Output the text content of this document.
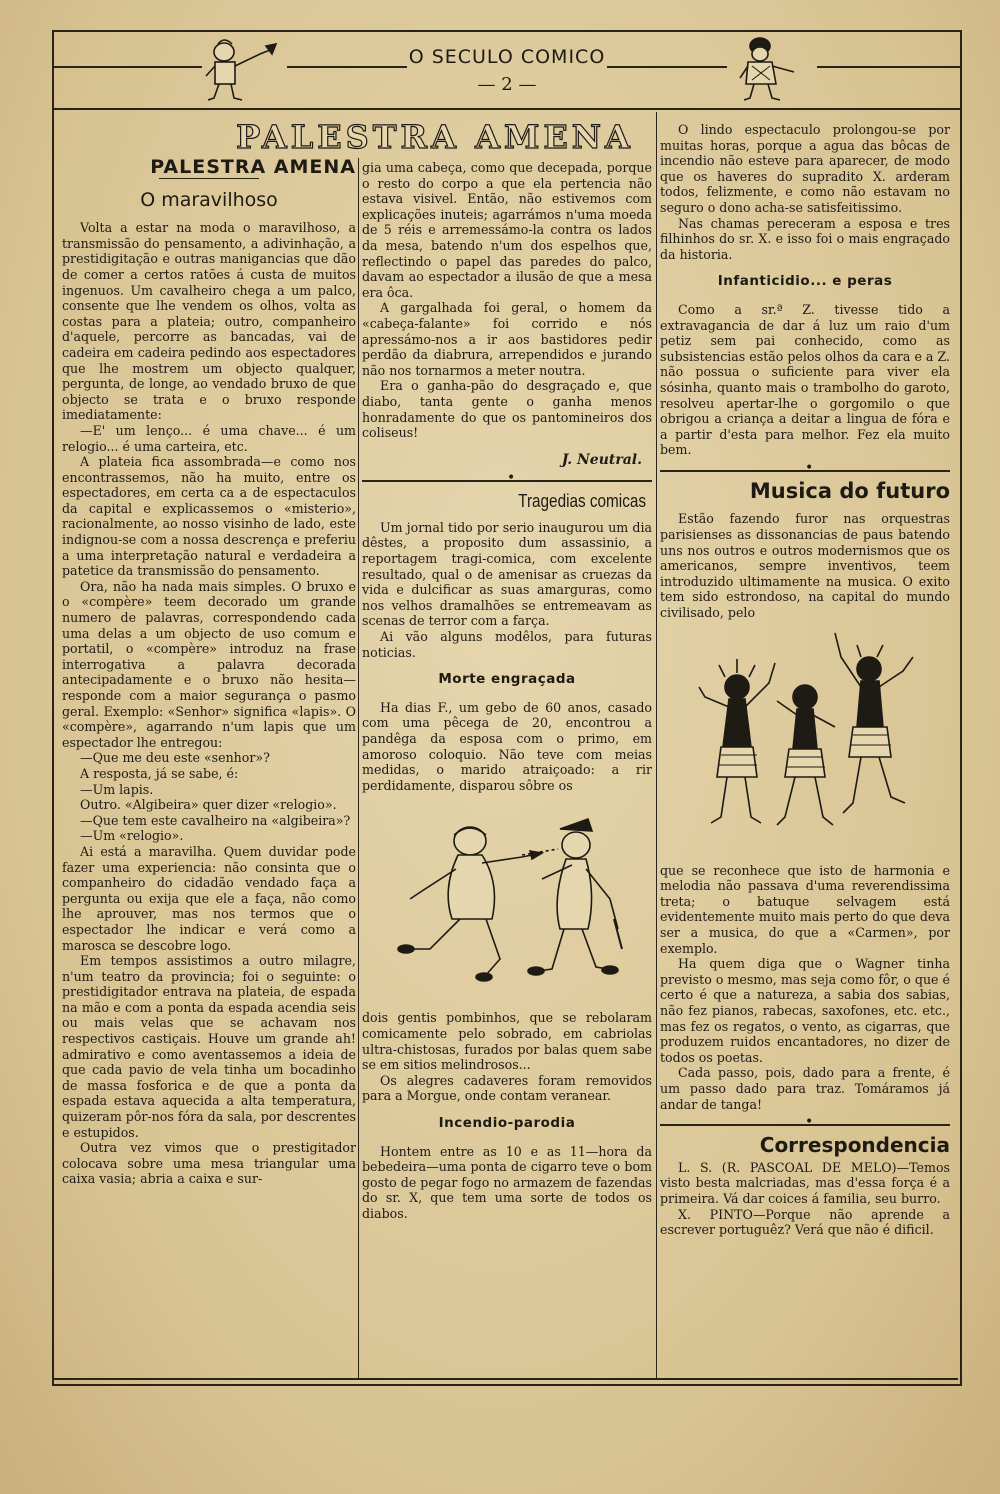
O SECULO COMICO
— 2 —
PALESTRA AMENA
PALESTRA AMENA
O maravilhoso

Volta a estar na moda o maravilhoso, a transmissão do pensamento, a adivinhação, a prestidigitação e outras manigancias que dão de comer a certos ratões á custa de muitos ingenuos. Um cavalheiro chega a um palco, consente que lhe vendem os olhos, volta as costas para a plateia; outro, companheiro d'aquele, percorre as bancadas, vai de cadeira em cadeira pedindo aos espectadores que lhe mostrem um objecto qualquer, pergunta, de longe, ao vendado bruxo de que objecto se trata e o bruxo responde imediatamente:

—E' um lenço... é uma chave... é um relogio... é uma carteira, etc.

A plateia fica assombrada—e como nos encontrassemos, não ha muito, entre os espectadores, em certa ca a de espectaculos da capital e explicassemos o «misterio», racionalmente, ao nosso visinho de lado, este indignou-se com a nossa descrença e preferiu a uma interpretação natural e verdadeira a patetice da transmissão do pensamento.

Ora, não ha nada mais simples. O bruxo e o «compère» teem decorado um grande numero de palavras, correspondendo cada uma delas a um objecto de uso comum e portatil, o «compère» introduz na frase interrogativa a palavra decorada antecipadamente e o bruxo não hesita—responde com a maior segurança o pasmo geral. Exemplo: «Senhor» significa «lapis». O «compère», agarrando n'um lapis que um espectador lhe entregou:

—Que me deu este «senhor»?

A resposta, já se sabe, é:

—Um lapis.

Outro. «Algibeira» quer dizer «relogio».

—Que tem este cavalheiro na «algibeira»?

—Um «relogio».

Ai está a maravilha. Quem duvidar pode fazer uma experiencia: não consinta que o companheiro do cidadão vendado faça a pergunta ou exija que ele a faça, não como lhe aprouver, mas nos termos que o espectador lhe indicar e verá como a marosca se descobre logo.

Em tempos assistimos a outro milagre, n'um teatro da provincia; foi o seguinte: o prestidigitador entrava na plateia, de espada na mão e com a ponta da espada acendia seis ou mais velas que se achavam nos respectivos castiçais. Houve um grande ah! admirativo e como aventassemos a ideia de que cada pavio de vela tinha um bocadinho de massa fosforica e de que a ponta da espada estava aquecida a alta temperatura, quizeram pôr-nos fóra da sala, por descrentes e estupidos.

Outra vez vimos que o prestigitador colocava sobre uma mesa triangular uma caixa vasia; abria a caixa e sur-

gia uma cabeça, como que decepada, porque o resto do corpo a que ela pertencia não estava visivel. Então, não estivemos com explicações inuteis; agarrámos n'uma moeda de 5 réis e arremessámo-la contra os lados da mesa, batendo n'um dos espelhos que, reflectindo o papel das paredes do palco, davam ao espectador a ilusão de que a mesa era ôca.

A gargalhada foi geral, o homem da «cabeça-falante» foi corrido e nós apressámo-nos a ir aos bastidores pedir perdão da diabrura, arrependidos e jurando não nos tornarmos a meter noutra.

Era o ganha-pão do desgraçado e, que diabo, tanta gente o ganha menos honradamente do que os pantomineiros dos coliseus!

J. Neutral.
•
Tragedias comicas

Um jornal tido por serio inaugurou um dia dêstes, a proposito dum assassinio, a reportagem tragi-comica, com excelente resultado, qual o de amenisar as cruezas da vida e dulcificar as suas amarguras, como nos velhos dramalhões se entremeavam as scenas de terror com a farça.

Ai vão alguns modêlos, para futuras noticias.

Morte engraçada

Ha dias F., um gebo de 60 anos, casado com uma pêcega de 20, encontrou a pandêga da esposa com o primo, em amoroso coloquio. Não teve com meias medidas, o marido atraiçoado: a rir perdidamente, disparou sôbre os

dois gentis pombinhos, que se rebolaram comicamente pelo sobrado, em cabriolas ultra-chistosas, furados por balas quem sabe se em sitios melindrosos...

Os alegres cadaveres foram removidos para a Morgue, onde contam veranear.

Incendio-parodia

Hontem entre as 10 e as 11—hora da bebedeira—uma ponta de cigarro teve o bom gosto de pegar fogo no armazem de fazendas do sr. X, que tem uma sorte de todos os diabos.

O lindo espectaculo prolongou-se por muitas horas, porque a agua das bôcas de incendio não esteve para aparecer, de modo que os haveres do supradito X. arderam todos, felizmente, e como não estavam no seguro o dono acha-se satisfeitissimo.

Nas chamas pereceram a esposa e tres filhinhos do sr. X. e isso foi o mais engraçado da historia.

Infanticidio... e peras

Como a sr.ª Z. tivesse tido a extravagancia de dar á luz um raio d'um petiz sem pai conhecido, como as subsistencias estão pelos olhos da cara e a Z. não possua o suficiente para viver ela sósinha, quanto mais o trambolho do garoto, resolveu apertar-lhe o gorgomilo o que obrigou a criança a deitar a lingua de fóra e a partir d'esta para melhor. Fez ela muito bem.

•
Musica do futuro

Estão fazendo furor nas orquestras parisienses as dissonancias de paus batendo uns nos outros e outros modernismos que os americanos, sempre inventivos, teem introduzido ultimamente na musica. O exito tem sido estrondoso, na capital do mundo civilisado, pelo

que se reconhece que isto de harmonia e melodia não passava d'uma reverendissima treta; o batuque selvagem está evidentemente muito mais perto do que deva ser a musica, do que a «Carmen», por exemplo.

Ha quem diga que o Wagner tinha previsto o mesmo, mas seja como fôr, o que é certo é que a natureza, a sabia dos sabias, não fez pianos, rabecas, saxofones, etc. etc., mas fez os regatos, o vento, as cigarras, que produzem ruidos encantadores, no dizer de todos os poetas.

Cada passo, pois, dado para a frente, é um passo dado para traz. Tomáramos já andar de tanga!

•
Correspondencia

L. S. (R. PASCOAL DE MELO)—Temos visto besta malcriadas, mas d'essa força é a primeira. Vá dar coices á familia, seu burro.

X. PINTO—Porque não aprende a escrever portuguêz? Verá que não é dificil.
